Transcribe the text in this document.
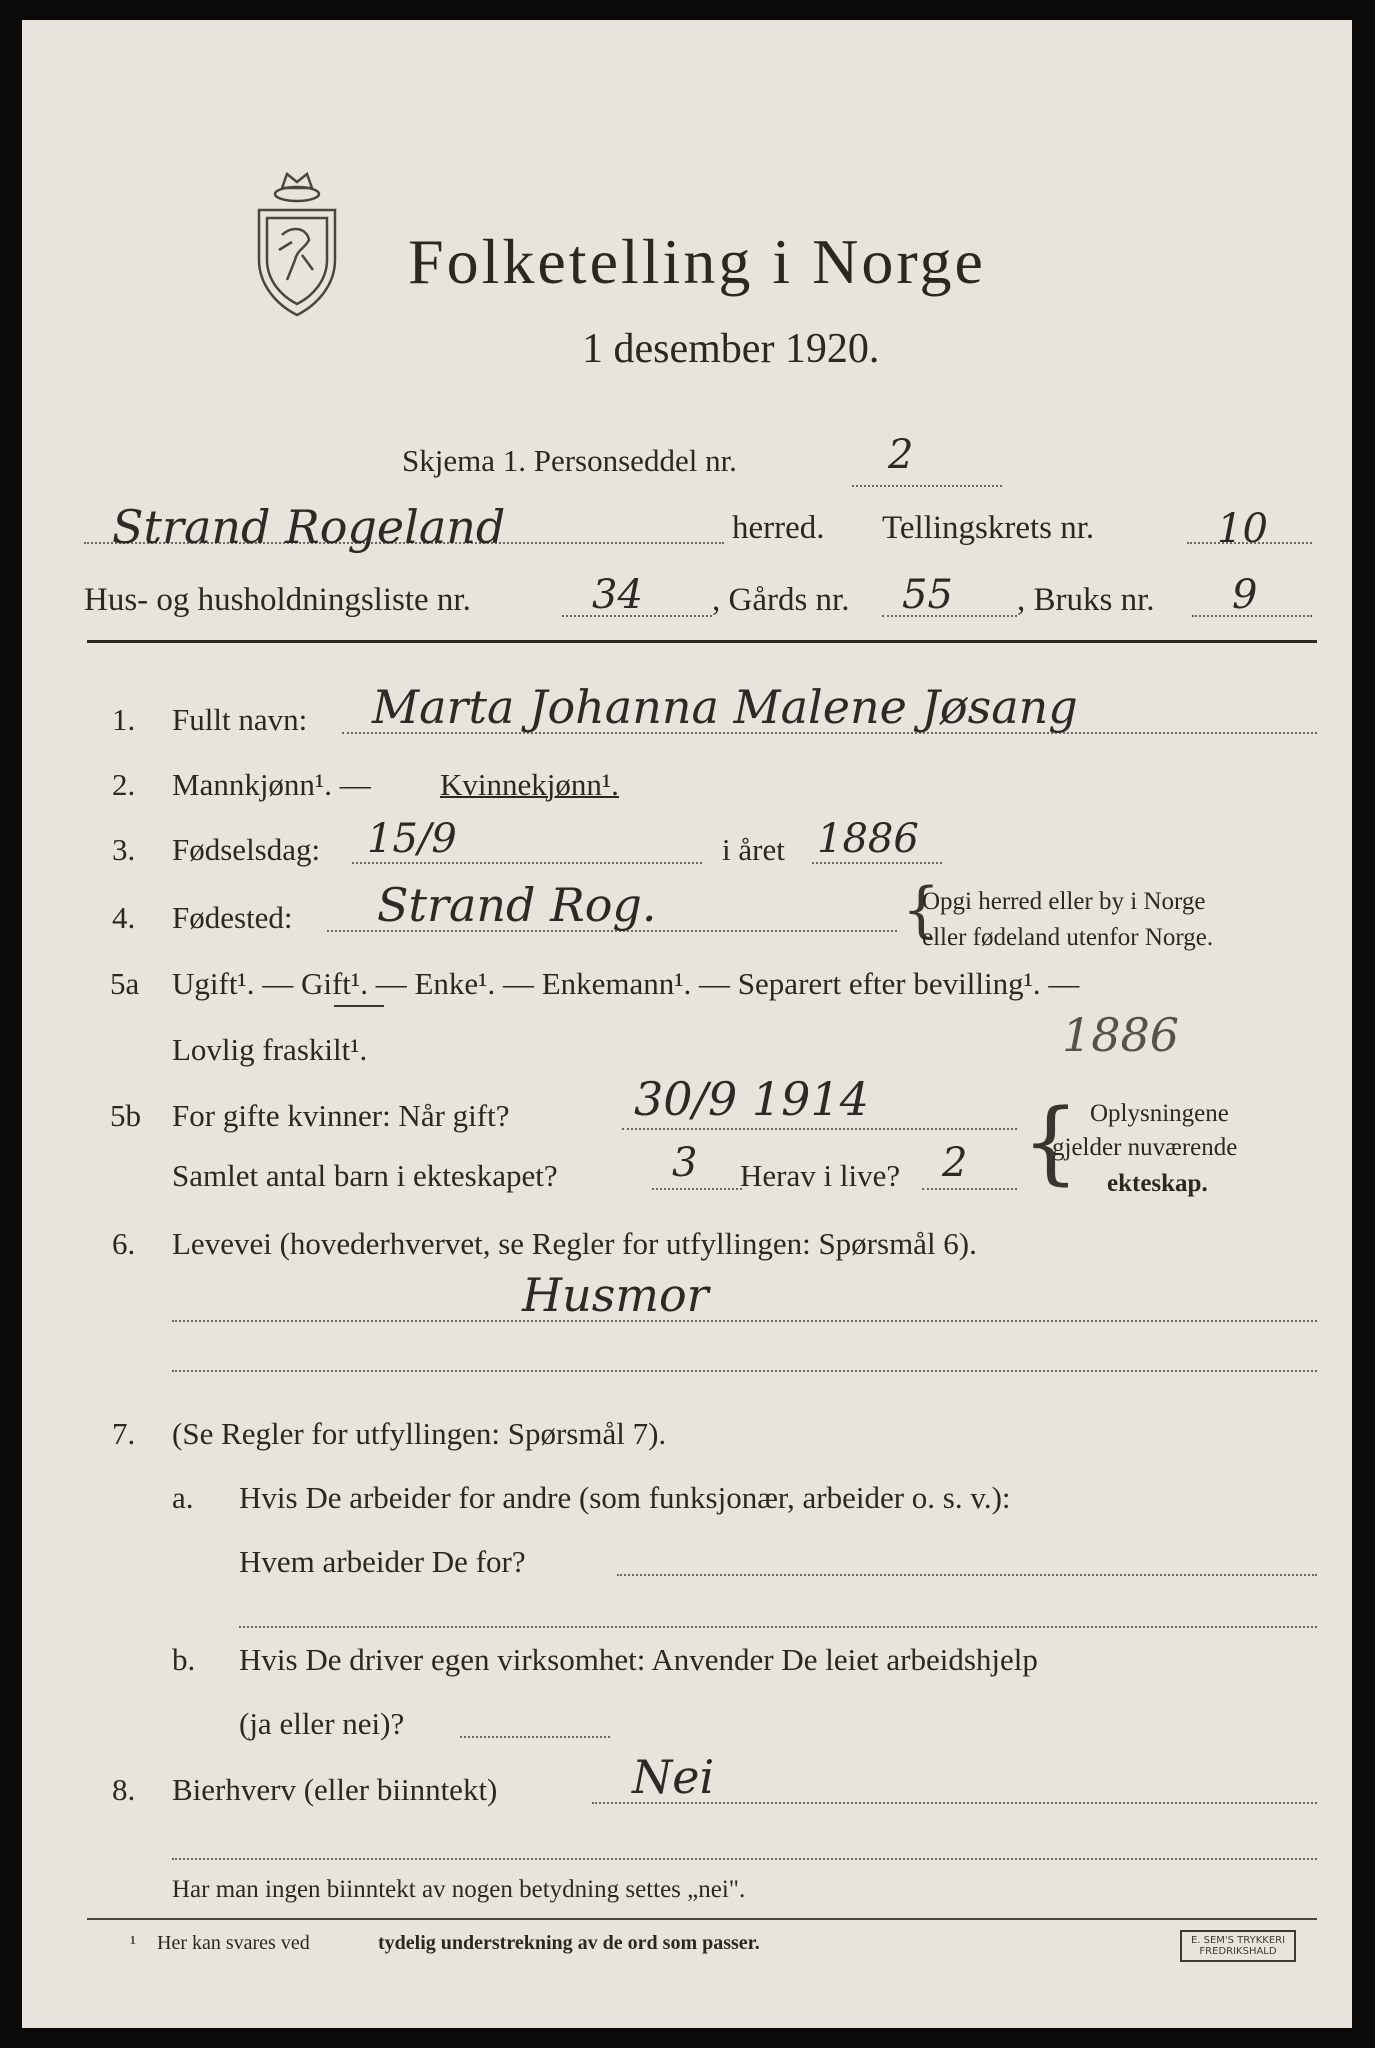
Folketelling i Norge
1 desember 1920.
Skjema 1. Personseddel nr.	2
Strand Rogeland	herred. Tellingskrets nr.	10
Hus- og husholdningsliste nr.	34 , Gårds nr. 55 , Bruks nr. 9
1. Fullt navn: Marta Johanna Malene Jøsang
2. Mannkjønn¹. — Kvinnekjønn¹.
3. Fødselsdag: 15/9	i året 1886
4. Fødested: Strand Rog.	{
Opgi herred eller by i Norge
eller fødeland utenfor Norge.
5a Ugift¹. — Gift¹. — Enke¹. — Enkemann¹. — Separert efter bevilling¹. —
Lovlig fraskilt¹.	1886
5b For gifte kvinner: Når gift?	30/9 1914
Samlet antal barn i ekteskapet?	3 Herav i live? 2 { Oplysningene
gjelder nuværende
ekteskap.
6. Levevei (hovederhvervet, se Regler for utfyllingen: Spørsmål 6).
Husmor
7. (Se Regler for utfyllingen: Spørsmål 7).
a. Hvis De arbeider for andre (som funksjonær, arbeider o. s. v.):
Hvem arbeider De for?
b. Hvis De driver egen virksomhet: Anvender De leiet arbeidshjelp
(ja eller nei)?
8. Bierhverv (eller biinntekt)	Nei
Har man ingen biinntekt av nogen betydning settes „nei".
¹ Her kan svares ved	tydelig understrekning av de ord som passer.	E. SEM'S TRYKKERI FREDRIKSHALD
